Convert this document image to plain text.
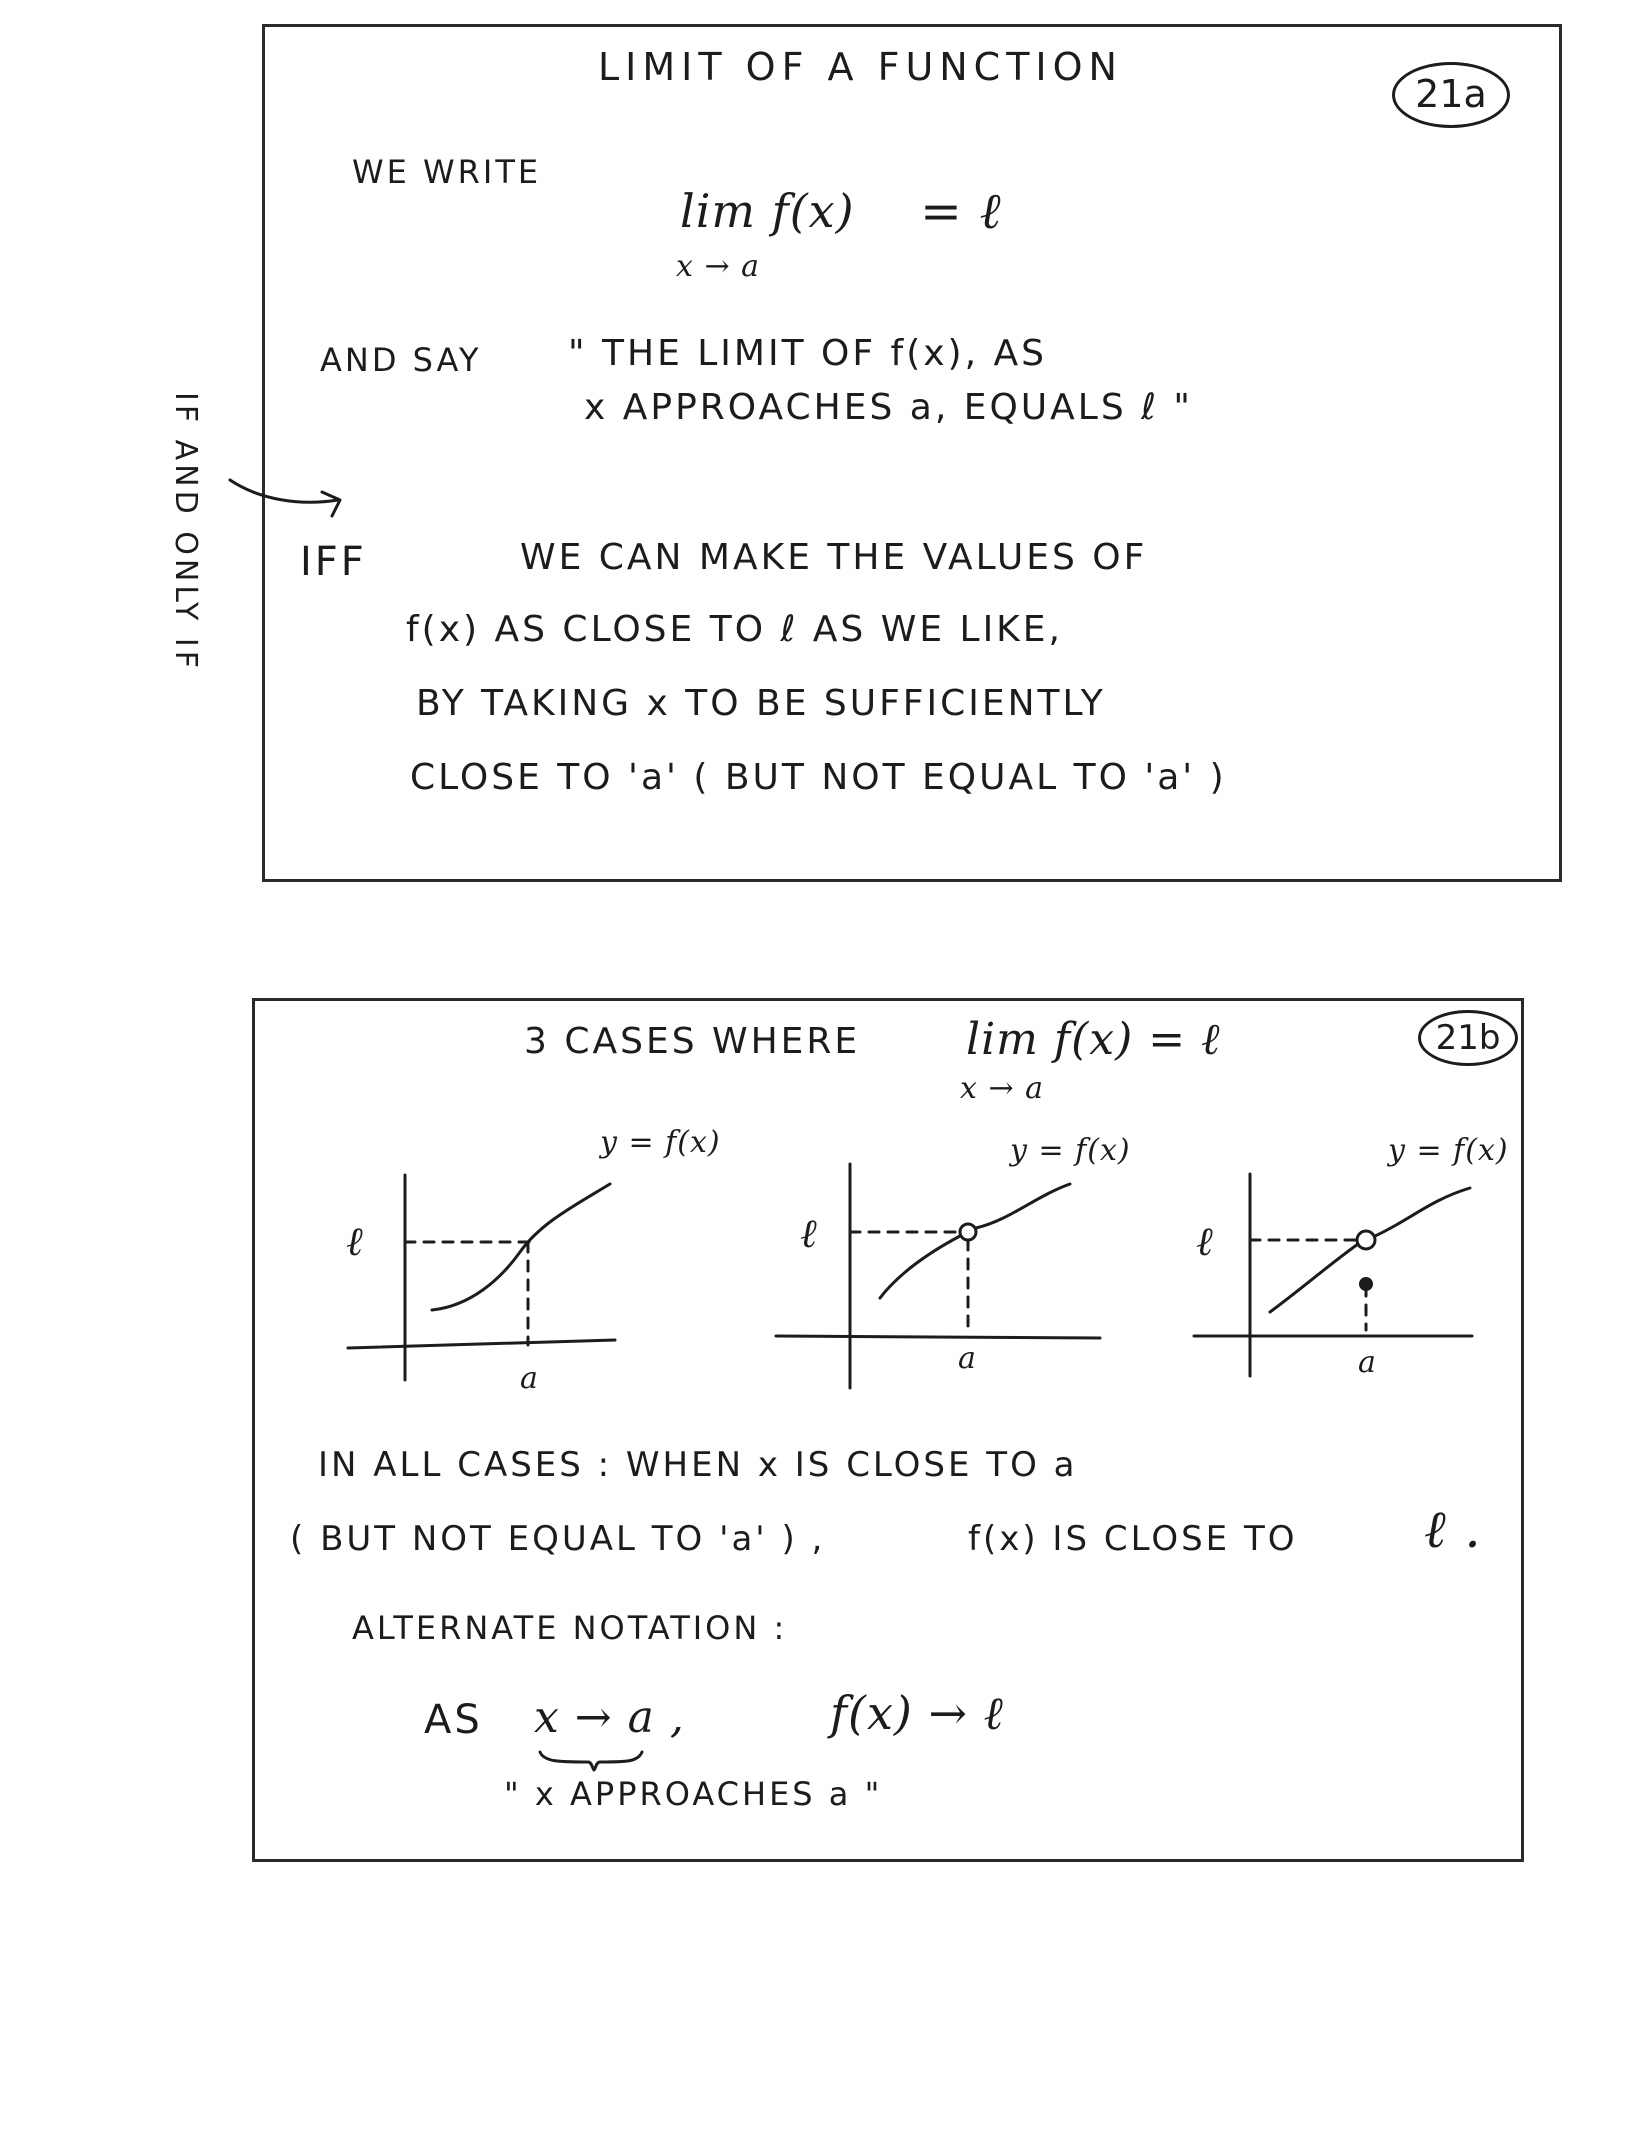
LIMIT OF A FUNCTION
21a
WE WRITE
lim f(x) = ℓ
x → a
AND SAY " THE LIMIT OF f(x), AS
x APPROACHES a, EQUALS ℓ "
IF AND ONLY IF IFF	WE CAN MAKE THE VALUES OF
f(x) AS CLOSE TO ℓ AS WE LIKE,
BY TAKING x TO BE SUFFICIENTLY
CLOSE TO 'a' ( BUT NOT EQUAL TO 'a' )
3 CASES WHERE lim f(x) = ℓ
x → a
21b
y = f(x)
ℓ
a
y = f(x)
ℓ
a
y = f(x)
ℓ
a
IN ALL CASES : WHEN x IS CLOSE TO a
( BUT NOT EQUAL TO 'a' ) ,	f(x) IS CLOSE TO ℓ .
ALTERNATE NOTATION :
AS x → a ,	f(x) → ℓ
" x APPROACHES a "
